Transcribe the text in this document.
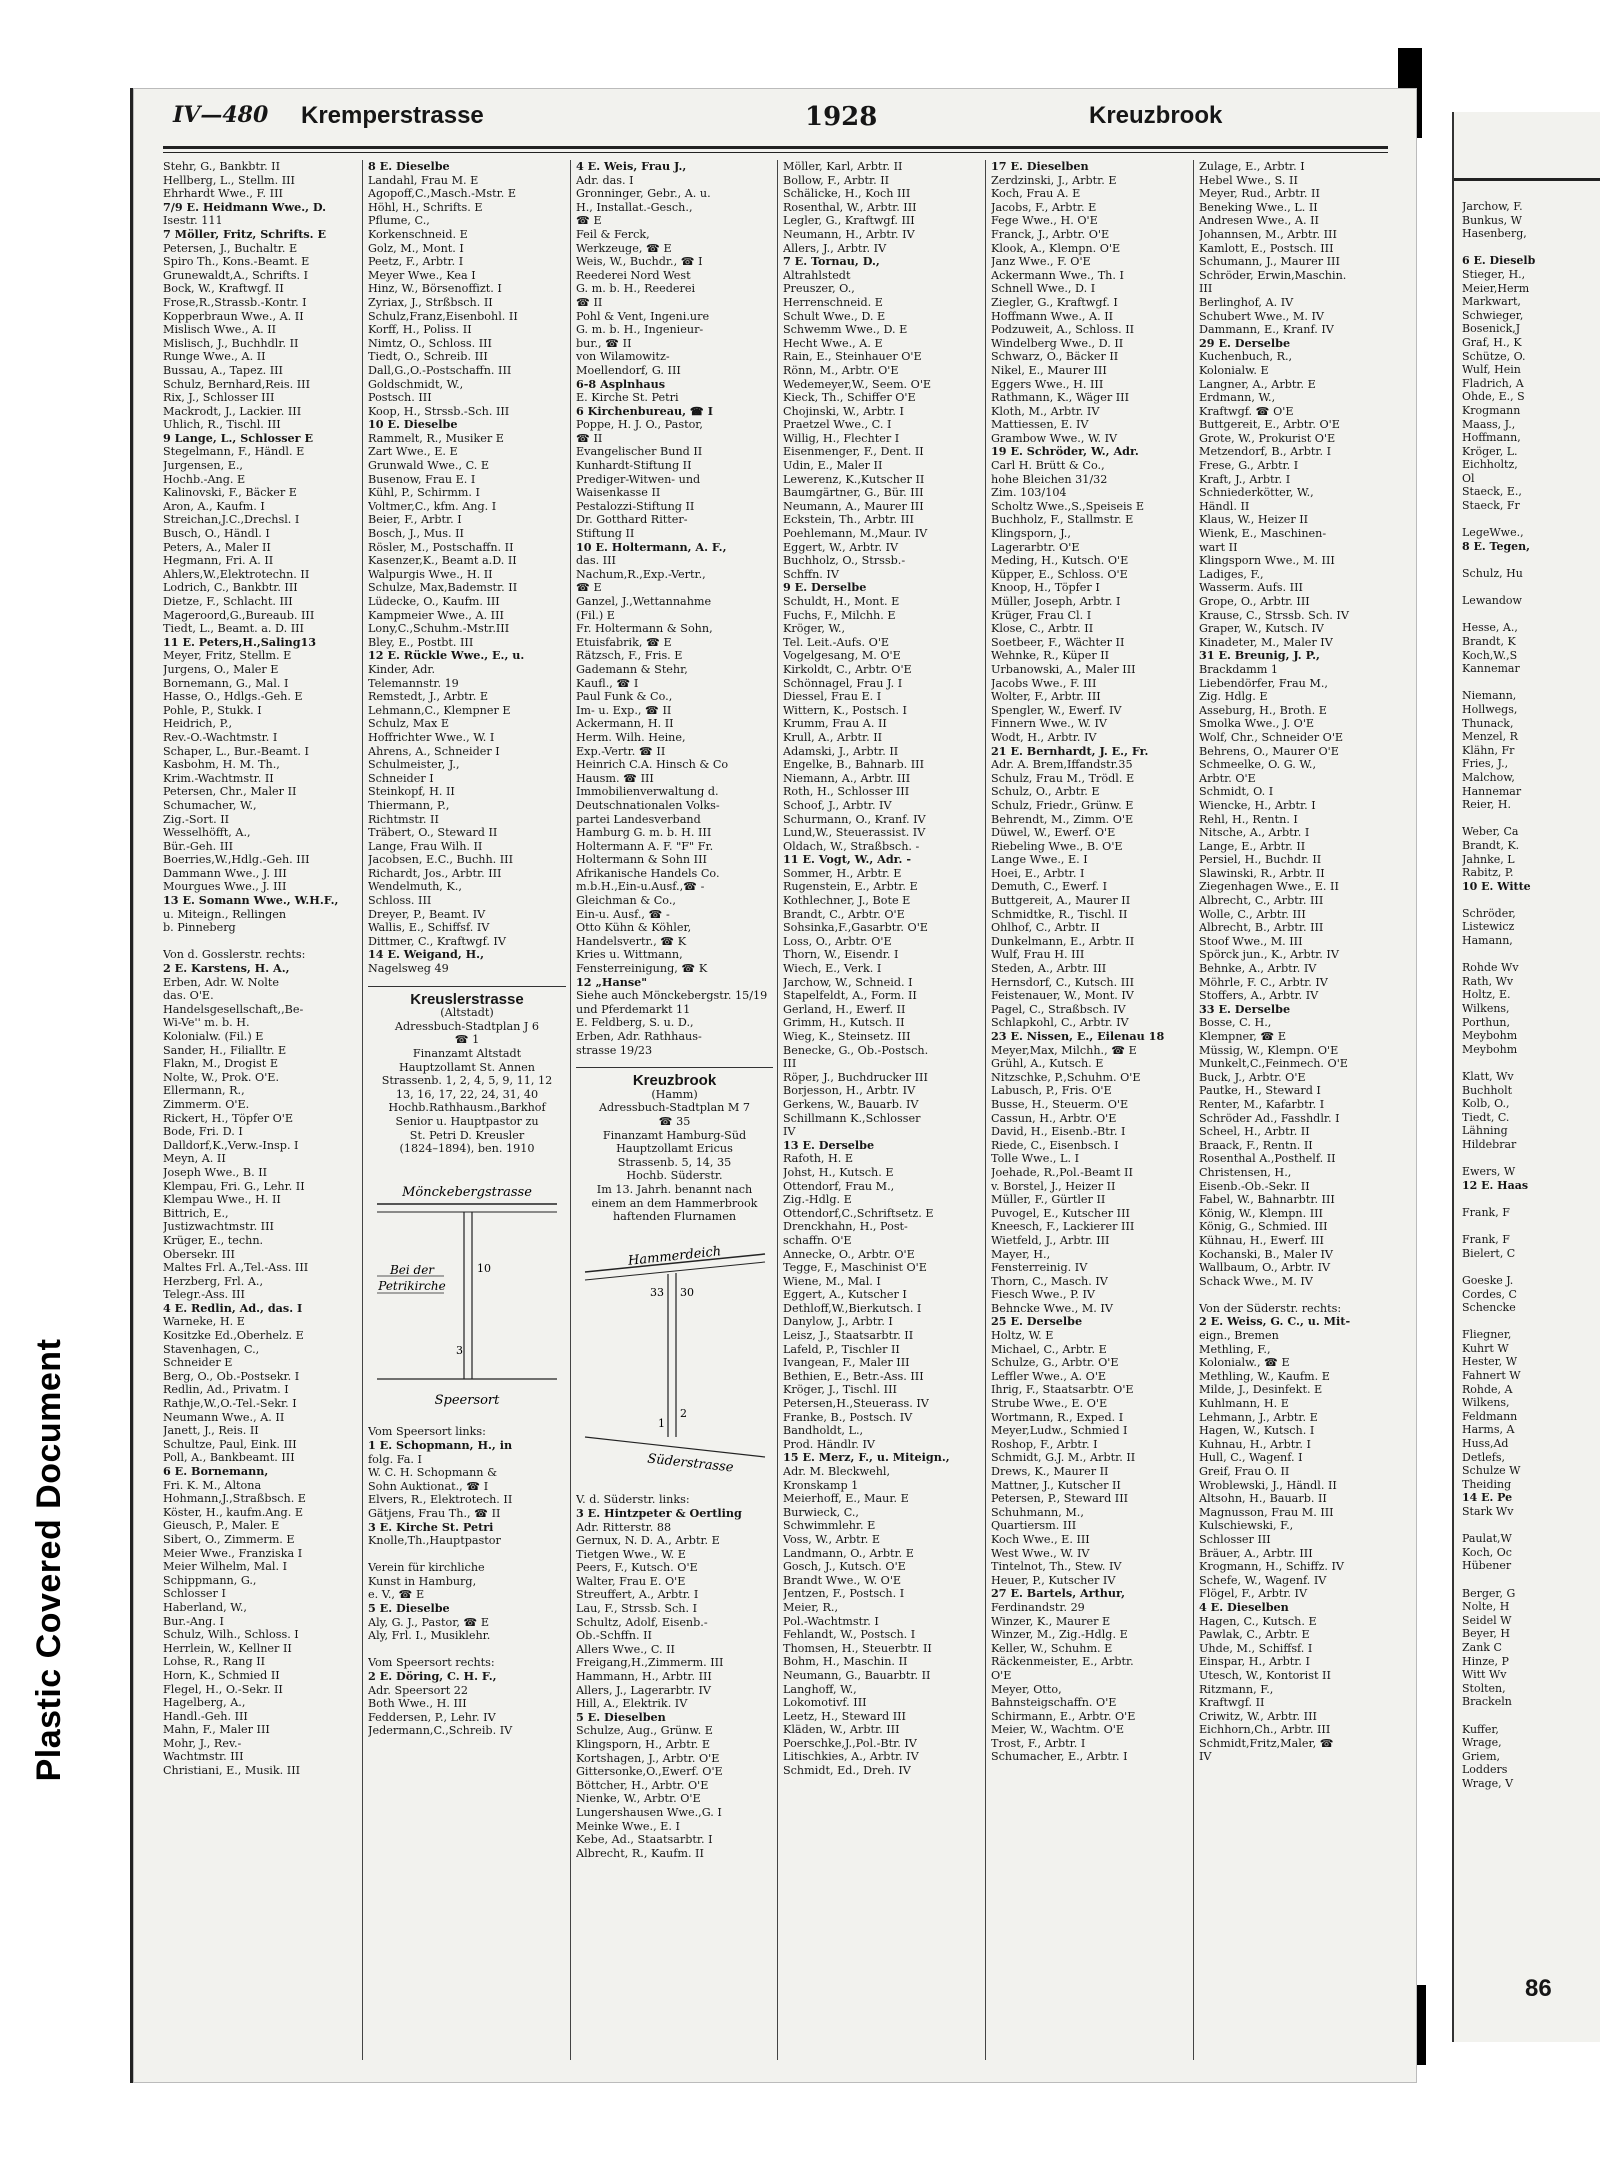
Plastic Covered Document
IV—480 Kremperstrasse	1928	Kreuzbrook
Stehr, G., Bankbtr. II
Hellberg, L., Stellm. III
Ehrhardt Wwe., F. III
7/9 E. Heidmann Wwe., D.
Isestr. 111
7 Möller, Fritz, Schrifts. E
Petersen, J., Buchaltr. E
Spiro Th., Kons.-Beamt. E
Grunewaldt,A., Schrifts. I
Bock, W., Kraftwgf. II
Frose,R.,Strassb.-Kontr. I
Kopperbraun Wwe., A. II
Mislisch Wwe., A. II
Mislisch, J., Buchhdlr. II
Runge Wwe., A. II
Bussau, A., Tapez. III
Schulz, Bernhard,Reis. III
Rix, J., Schlosser III
Mackrodt, J., Lackier. III
Uhlich, R., Tischl. III
9 Lange, L., Schlosser E
Stegelmann, F., Händl. E
Jurgensen, E.,
Hochb.-Ang. E
Kalinovski, F., Bäcker E
Aron, A., Kaufm. I
Streichan,J.C.,Drechsl. I
Busch, O., Händl. I
Peters, A., Maler II
Hegmann, Fri. A. II
Ahlers,W.,Elektrotechn. II
Lodrich, C., Bankbtr. III
Dietze, F., Schlacht. III
Mageroord,G.,Bureaub. III
Tiedt, L., Beamt. a. D. III
11 E. Peters,H.,Saling13
Meyer, Fritz, Stellm. E
Jurgens, O., Maler E
Bornemann, G., Mal. I
Hasse, O., Hdlgs.-Geh. E
Pohle, P., Stukk. I
Heidrich, P.,
Rev.-O.-Wachtmstr. I
Schaper, L., Bur.-Beamt. I
Kasbohm, H. M. Th.,
Krim.-Wachtmstr. II
Petersen, Chr., Maler II
Schumacher, W.,
Zig.-Sort. II
Wesselhöfft, A.,
Bür.-Geh. III
Boerries,W.,Hdlg.-Geh. III
Dammann Wwe., J. III
Mourgues Wwe., J. III
13 E. Somann Wwe., W.H.F.,
u. Miteign., Rellingen
b. Pinneberg

Von d. Gosslerstr. rechts:
2 E. Karstens, H. A.,
Erben, Adr. W. Nolte
das. O'E.
Handelsgesellschaft,,Be-
Wi-Ve'' m. b. H.
Kolonialw. (Fil.) E
Sander, H., Filialltr. E
Flakn, M., Drogist E
Nolte, W., Prok. O'E.
Ellermann, R.,
Zimmerm. O'E.
Rickert, H., Töpfer O'E
Bode, Fri. D. I
Dalldorf,K.,Verw.-Insp. I
Meyn, A. II
Joseph Wwe., B. II
Klempau, Fri. G., Lehr. II
Klempau Wwe., H. II
Bittrich, E.,
Justizwachtmstr. III
Krüger, E., techn.
Obersekr. III
Maltes Frl. A.,Tel.-Ass. III
Herzberg, Frl. A.,
Telegr.-Ass. III
4 E. Redlin, Ad., das. I
Warneke, H. E
Kositzke Ed.,Oberhelz. E
Stavenhagen, C.,
Schneider E
Berg, O., Ob.-Postsekr. I
Redlin, Ad., Privatm. I
Rathje,W.,O.-Tel.-Sekr. I
Neumann Wwe., A. II
Janett, J., Reis. II
Schultze, Paul, Eink. III
Poll, A., Bankbeamt. III
6 E. Bornemann,
Fri. K. M., Altona
Hohmann,J.,Straßbsch. E
Köster, H., kaufm.Ang. E
Gieusch, P., Maler. E
Sibert, O., Zimmerm. E
Meier Wwe., Franziska I
Meier Wilhelm, Mal. I
Schippmann, G.,
Schlosser I
Haberland, W.,
Bur.-Ang. I
Schulz, Wilh., Schloss. I
Herrlein, W., Kellner II
Lohse, R., Rang II
Horn, K., Schmied II
Flegel, H., O.-Sekr. II
Hagelberg, A.,
Handl.-Geh. III
Mahn, F., Maler III
Mohr, J., Rev.-
Wachtmstr. III
Christiani, E., Musik. III
8 E. Dieselbe
Landahl, Frau M. E
Agopoff,C.,Masch.-Mstr. E
Höhl, H., Schrifts. E
Pflume, C.,
Korkenschneid. E
Golz, M., Mont. I
Peetz, F., Arbtr. I
Meyer Wwe., Kea I
Hinz, W., Börsenoffizt. I
Zyriax, J., Strßbsch. II
Schulz,Franz,Eisenbohl. II
Korff, H., Poliss. II
Nimtz, O., Schloss. III
Tiedt, O., Schreib. III
Dall,G.,O.-Postschaffn. III
Goldschmidt, W.,
Postsch. III
Koop, H., Strssb.-Sch. III
10 E. Dieselbe
Rammelt, R., Musiker E
Zart Wwe., E. E
Grunwald Wwe., C. E
Busenow, Frau E. I
Kühl, P., Schirmm. I
Voltmer,C., kfm. Ang. I
Beier, F., Arbtr. I
Bosch, J., Mus. II
Rösler, M., Postschaffn. II
Kasenzer,K., Beamt a.D. II
Walpurgis Wwe., H. II
Schulze, Max,Bademstr. II
Lüdecke, O., Kaufm. III
Kampmeier Wwe., A. III
Lony,C.,Schuhm.-Mstr.III
Bley, E., Postbt. III
12 E. Rückle Wwe., E., u.
Kinder, Adr.
Telemannstr. 19
Remstedt, J., Arbtr. E
Lehmann,C., Klempner E
Schulz, Max E
Hoffrichter Wwe., W. I
Ahrens, A., Schneider I
Schulmeister, J.,
Schneider I
Steinkopf, H. II
Thiermann, P.,
Richtmstr. II
Träbert, O., Steward II
Lange, Frau Wilh. II
Jacobsen, E.C., Buchh. III
Richardt, Jos., Arbtr. III
Wendelmuth, K.,
Schloss. III
Dreyer, P., Beamt. IV
Wallis, E., Schiffsf. IV
Dittmer, C., Kraftwgf. IV
14 E. Weigand, H.,
Nagelsweg 49
Kreuslerstrasse
(Altstadt)
Adressbuch-Stadtplan J 6
☎ 1
Finanzamt Altstadt
Hauptzollamt St. Annen
Strassenb. 1, 2, 4, 5, 9, 11, 12
13, 16, 17, 22, 24, 31, 40
Hochb.Rathhausm.,Barkhof
Senior u. Hauptpastor zu
St. Petri D. Kreusler
(1824–1894), ben. 1910
Mönckebergstrasse
Bei der
Petrikirche
10
3
Speersort
Vom Speersort links:
1 E. Schopmann, H., in
folg. Fa. I
W. C. H. Schopmann &
Sohn Auktionat., ☎ I
Elvers, R., Elektrotech. II
Gätjens, Frau Th., ☎ II
3 E. Kirche St. Petri
Knolle,Th.,Hauptpastor

Verein für kirchliche
Kunst in Hamburg,
e. V., ☎ E
5 E. Dieselbe
Aly, G. J., Pastor, ☎ E
Aly, Frl. I., Musiklehr.

Vom Speersort rechts:
2 E. Döring, C. H. F.,
Adr. Speersort 22
Both Wwe., H. III
Feddersen, P., Lehr. IV
Jedermann,C.,Schreib. IV
4 E. Weis, Frau J.,
Adr. das. I
Gronninger, Gebr., A. u.
H., Installat.-Gesch.,
☎ E
Feil & Ferck,
Werkzeuge, ☎ E
Weis, W., Buchdr., ☎ I
Reederei Nord West
G. m. b. H., Reederei
☎ II
Pohl & Vent, Ingeni.ure
G. m. b. H., Ingenieur-
bur., ☎ II
von Wilamowitz-
Moellendorf, G. III
6-8 Asplnhaus
E. Kirche St. Petri
6 Kirchenbureau, ☎ I
Poppe, H. J. O., Pastor,
☎ II
Evangelischer Bund II
Kunhardt-Stiftung II
Prediger-Witwen- und
Waisenkasse II
Pestalozzi-Stiftung II
Dr. Gotthard Ritter-
Stiftung II
10 E. Holtermann, A. F.,
das. III
Nachum,R.,Exp.-Vertr.,
☎ E
Ganzel, J.,Wettannahme
(Fil.) E
Fr. Holtermann & Sohn,
Etuisfabrik, ☎ E
Rätzsch, F., Fris. E
Gademann & Stehr,
Kaufl., ☎ I
Paul Funk & Co.,
Im- u. Exp., ☎ II
Ackermann, H. II
Herm. Wilh. Heine,
Exp.-Vertr. ☎ II
Heinrich C.A. Hinsch & Co
Hausm. ☎ III
Immobilienverwaltung d.
Deutschnationalen Volks-
partei Landesverband
Hamburg G. m. b. H. III
Holtermann A. F. "F" Fr.
Holtermann & Sohn III
Afrikanische Handels Co.
m.b.H.,Ein-u.Ausf.,☎ -
Gleichman & Co.,
Ein-u. Ausf., ☎ -
Otto Kühn & Köhler,
Handelsvertr., ☎ K
Kries u. Wittmann,
Fensterreinigung, ☎ K
12 „Hanse"
Siehe auch Mönckebergstr. 15/19
und Pferdemarkt 11
E. Feldberg, S. u. D.,
Erben, Adr. Rathhaus-
strasse 19/23
Kreuzbrook
(Hamm)
Adressbuch-Stadtplan M 7
☎ 35
Finanzamt Hamburg-Süd
Hauptzollamt Ericus
Strassenb. 5, 14, 35
Hochb. Süderstr.
Im 13. Jahrh. benannt nach
einem an dem Hammerbrook
haftenden Flurnamen
Hammerdeich
33 30
2
1
Süderstrasse
V. d. Süderstr. links:
3 E. Hintzpeter & Oertling
Adr. Ritterstr. 88
Gernux, N. D. A., Arbtr. E
Tietgen Wwe., W. E
Peers, F., Kutsch. O'E
Walter, Frau E. O'E
Streuffert, A., Arbtr. I
Lau, F., Strssb. Sch. I
Schultz, Adolf, Eisenb.-
Ob.-Schffn. II
Allers Wwe., C. II
Freigang,H.,Zimmerm. III
Hammann, H., Arbtr. III
Allers, J., Lagerarbtr. IV
Hill, A., Elektrik. IV
5 E. Dieselben
Schulze, Aug., Grünw. E
Klingsporn, H., Arbtr. E
Kortshagen, J., Arbtr. O'E
Gittersonke,O.,Ewerf. O'E
Böttcher, H., Arbtr. O'E
Nienke, W., Arbtr. O'E
Lungershausen Wwe.,G. I
Meinke Wwe., E. I
Kebe, Ad., Staatsarbtr. I
Albrecht, R., Kaufm. II
Möller, Karl, Arbtr. II
Bollow, F., Arbtr. II
Schälicke, H., Koch III
Rosenthal, W., Arbtr. III
Legler, G., Kraftwgf. III
Neumann, H., Arbtr. IV
Allers, J., Arbtr. IV
7 E. Tornau, D.,
Altrahlstedt
Preuszer, O.,
Herrenschneid. E
Schult Wwe., D. E
Schwemm Wwe., D. E
Hecht Wwe., A. E
Rain, E., Steinhauer O'E
Rönn, M., Arbtr. O'E
Wedemeyer,W., Seem. O'E
Kieck, Th., Schiffer O'E
Chojinski, W., Arbtr. I
Praetzel Wwe., C. I
Willig, H., Flechter I
Eisenmenger, F., Dent. II
Udin, E., Maler II
Lewerenz, K.,Kutscher II
Baumgärtner, G., Bür. III
Neumann, A., Maurer III
Eckstein, Th., Arbtr. III
Poehlemann, M.,Maur. IV
Eggert, W., Arbtr. IV
Buchholz, O., Strssb.-
Schffn. IV
9 E. Derselbe
Schuldt, H., Mont. E
Fuchs, F., Milchh. E
Kröger, W.,
Tel. Leit.-Aufs. O'E
Vogelgesang, M. O'E
Kirkoldt, C., Arbtr. O'E
Schönnagel, Frau J. I
Diessel, Frau E. I
Wittern, K., Postsch. I
Krumm, Frau A. II
Krull, A., Arbtr. II
Adamski, J., Arbtr. II
Engelke, B., Bahnarb. III
Niemann, A., Arbtr. III
Roth, H., Schlosser III
Schoof, J., Arbtr. IV
Schurmann, O., Kranf. IV
Lund,W., Steuerassist. IV
Oldach, W., Straßbsch. -
11 E. Vogt, W., Adr. -
Sommer, H., Arbtr. E
Rugenstein, E., Arbtr. E
Kothlechner, J., Bote E
Brandt, C., Arbtr. O'E
Sohsinka,F.,Gasarbtr. O'E
Loss, O., Arbtr. O'E
Thorn, W., Eisendr. I
Wiech, E., Verk. I
Jarchow, W., Schneid. I
Stapelfeldt, A., Form. II
Gerland, H., Ewerf. II
Grimm, H., Kutsch. II
Wieg, K., Steinsetz. III
Benecke, G., Ob.-Postsch.
III
Röper, J., Buchdrucker III
Borjesson, H., Arbtr. IV
Gerkens, W., Bauarb. IV
Schillmann K.,Schlosser
IV
13 E. Derselbe
Rafoth, H. E
Johst, H., Kutsch. E
Ottendorf, Frau M.,
Zig.-Hdlg. E
Ottendorf,C.,Schriftsetz. E
Drenckhahn, H., Post-
schaffn. O'E
Annecke, O., Arbtr. O'E
Tegge, F., Maschinist O'E
Wiene, M., Mal. I
Eggert, A., Kutscher I
Dethloff,W.,Bierkutsch. I
Danylow, J., Arbtr. I
Leisz, J., Staatsarbtr. II
Lafeld, P., Tischler II
Ivangean, F., Maler III
Bethien, E., Betr.-Ass. III
Kröger, J., Tischl. III
Petersen,H.,Steuerass. IV
Franke, B., Postsch. IV
Bandholdt, L.,
Prod. Händlr. IV
15 E. Merz, F., u. Miteign.,
Adr. M. Bleckwehl,
Kronskamp 1
Meierhoff, E., Maur. E
Burwieck, C.,
Schwimmlehr. E
Voss, W., Arbtr. E
Landmann, O., Arbtr. E
Gosch, J., Kutsch. O'E
Brandt Wwe., W. O'E
Jentzen, F., Postsch. I
Meier, R.,
Pol.-Wachtmstr. I
Fehlandt, W., Postsch. I
Thomsen, H., Steuerbtr. II
Bohm, H., Maschin. II
Neumann, G., Bauarbtr. II
Langhoff, W.,
Lokomotivf. III
Leetz, H., Steward III
Kläden, W., Arbtr. III
Poerschke,J.,Pol.-Btr. IV
Litischkies, A., Arbtr. IV
Schmidt, Ed., Dreh. IV
17 E. Dieselben
Zerdzinski, J., Arbtr. E
Koch, Frau A. E
Jacobs, F., Arbtr. E
Fege Wwe., H. O'E
Franck, J., Arbtr. O'E
Klook, A., Klempn. O'E
Janz Wwe., F. O'E
Ackermann Wwe., Th. I
Schnell Wwe., D. I
Ziegler, G., Kraftwgf. I
Hoffmann Wwe., A. II
Podzuweit, A., Schloss. II
Windelberg Wwe., D. II
Schwarz, O., Bäcker II
Nikel, E., Maurer III
Eggers Wwe., H. III
Rathmann, K., Wäger III
Kloth, M., Arbtr. IV
Mattiessen, E. IV
Grambow Wwe., W. IV
19 E. Schröder, W., Adr.
Carl H. Brütt & Co.,
hohe Bleichen 31/32
Zim. 103/104
Scholtz Wwe.,S.,Speiseis E
Buchholz, F., Stallmstr. E
Klingsporn, J.,
Lagerarbtr. O'E
Meding, H., Kutsch. O'E
Küpper, E., Schloss. O'E
Knoop, H., Töpfer I
Müller, Joseph, Arbtr. I
Krüger, Frau Cl. I
Klose, C., Arbtr. II
Soetbeer, F., Wächter II
Wehnke, R., Küper II
Urbanowski, A., Maler III
Jacobs Wwe., F. III
Wolter, F., Arbtr. III
Spengler, W., Ewerf. IV
Finnern Wwe., W. IV
Wodt, H., Arbtr. IV
21 E. Bernhardt, J. E., Fr.
Adr. A. Brem,Iffandstr.35
Schulz, Frau M., Trödl. E
Schulz, O., Arbtr. E
Schulz, Friedr., Grünw. E
Behrendt, M., Zimm. O'E
Düwel, W., Ewerf. O'E
Riebeling Wwe., B. O'E
Lange Wwe., E. I
Hoei, E., Arbtr. I
Demuth, C., Ewerf. I
Buttgereit, A., Maurer II
Schmidtke, R., Tischl. II
Ohlhof, C., Arbtr. II
Dunkelmann, E., Arbtr. II
Wulf, Frau H. III
Steden, A., Arbtr. III
Hernsdorf, C., Kutsch. III
Feistenauer, W., Mont. IV
Pagel, C., Straßbsch. IV
Schlapkohl, C., Arbtr. IV
23 E. Nissen, E., Eilenau 18
Meyer,Max, Milchh., ☎ E
Grühl, A., Kutsch. E
Nitzschke, P.,Schuhm. O'E
Labusch, P., Fris. O'E
Busse, H., Steuerm. O'E
Cassun, H., Arbtr. O'E
David, H., Eisenb.-Btr. I
Riede, C., Eisenbsch. I
Tolle Wwe., L. I
Joehade, R.,Pol.-Beamt II
v. Borstel, J., Heizer II
Müller, F., Gürtler II
Puvogel, E., Kutscher III
Kneesch, F., Lackierer III
Wietfeld, J., Arbtr. III
Mayer, H.,
Fensterreinig. IV
Thorn, C., Masch. IV
Fiesch Wwe., P. IV
Behncke Wwe., M. IV
25 E. Derselbe
Holtz, W. E
Michael, C., Arbtr. E
Schulze, G., Arbtr. O'E
Leffler Wwe., A. O'E
Ihrig, F., Staatsarbtr. O'E
Strube Wwe., E. O'E
Wortmann, R., Exped. I
Meyer,Ludw., Schmied I
Roshop, F., Arbtr. I
Schmidt, G.J. M., Arbtr. II
Drews, K., Maurer II
Mattner, J., Kutscher II
Petersen, P., Steward III
Schuhmann, M.,
Quartiersm. III
Koch Wwe., E. III
West Wwe., W. IV
Tintelnot, Th., Stew. IV
Heuer, P., Kutscher IV
27 E. Bartels, Arthur,
Ferdinandstr. 29
Winzer, K., Maurer E
Winzer, M., Zig.-Hdlg. E
Keller, W., Schuhm. E
Räckenmeister, E., Arbtr.
O'E
Meyer, Otto,
Bahnsteigschaffn. O'E
Schirmann, E., Arbtr. O'E
Meier, W., Wachtm. O'E
Trost, F., Arbtr. I
Schumacher, E., Arbtr. I
Zulage, E., Arbtr. I
Hebel Wwe., S. II
Meyer, Rud., Arbtr. II
Beneking Wwe., L. II
Andresen Wwe., A. II
Johannsen, M., Arbtr. III
Kamlott, E., Postsch. III
Schumann, J., Maurer III
Schröder, Erwin,Maschin.
III
Berlinghof, A. IV
Schubert Wwe., M. IV
Dammann, E., Kranf. IV
29 E. Derselbe
Kuchenbuch, R.,
Kolonialw. E
Langner, A., Arbtr. E
Erdmann, W.,
Kraftwgf. ☎ O'E
Buttgereit, E., Arbtr. O'E
Grote, W., Prokurist O'E
Metzendorf, B., Arbtr. I
Frese, G., Arbtr. I
Kraft, J., Arbtr. I
Schniederkötter, W.,
Händl. II
Klaus, W., Heizer II
Wienk, E., Maschinen-
wart II
Klingsporn Wwe., M. III
Ladiges, F.,
Wasserm. Aufs. III
Grope, O., Arbtr. III
Krause, C., Strssb. Sch. IV
Graper, W., Kutsch. IV
Kinadeter, M., Maler IV
31 E. Breunig, J. P.,
Brackdamm 1
Liebendörfer, Frau M.,
Zig. Hdlg. E
Asseburg, H., Broth. E
Smolka Wwe., J. O'E
Wolf, Chr., Schneider O'E
Behrens, O., Maurer O'E
Schmeelke, O. G. W.,
Arbtr. O'E
Schmidt, O. I
Wiencke, H., Arbtr. I
Rehl, H., Rentn. I
Nitsche, A., Arbtr. I
Lange, E., Arbtr. II
Persiel, H., Buchdr. II
Slawinski, R., Arbtr. II
Ziegenhagen Wwe., E. II
Albrecht, C., Arbtr. III
Wolle, C., Arbtr. III
Albrecht, B., Arbtr. III
Stoof Wwe., M. III
Spörck jun., K., Arbtr. IV
Behnke, A., Arbtr. IV
Möhrle, F. C., Arbtr. IV
Stoffers, A., Arbtr. IV
33 E. Derselbe
Bosse, C. H.,
Klempner, ☎ E
Müssig, W., Klempn. O'E
Munkelt,C.,Feinmech. O'E
Buck, J., Arbtr. O'E
Pautke, H., Steward I
Renter, M., Kafarbtr. I
Schröder Ad., Fasshdlr. I
Scheel, H., Arbtr. II
Braack, F., Rentn. II
Rosenthal A.,Posthelf. II
Christensen, H.,
Eisenb.-Ob.-Sekr. II
Fabel, W., Bahnarbtr. III
König, W., Klempn. III
König, G., Schmied. III
Kühnau, H., Ewerf. III
Kochanski, B., Maler IV
Wallbaum, O., Arbtr. IV
Schack Wwe., M. IV

Von der Süderstr. rechts:
2 E. Weiss, G. C., u. Mit-
eign., Bremen
Methling, F.,
Kolonialw., ☎ E
Methling, W., Kaufm. E
Milde, J., Desinfekt. E
Kuhlmann, H. E
Lehmann, J., Arbtr. E
Hagen, W., Kutsch. I
Kuhnau, H., Arbtr. I
Hull, C., Wagenf. I
Greif, Frau O. II
Wroblewski, J., Händl. II
Altsohn, H., Bauarb. II
Magnusson, Frau M. III
Kulschiewski, F.,
Schlosser III
Bräuer, A., Arbtr. III
Krogmann, H., Schiffz. IV
Schefe, W., Wagenf. IV
Flögel, F., Arbtr. IV
4 E. Dieselben
Hagen, C., Kutsch. E
Pawlak, C., Arbtr. E
Uhde, M., Schiffsf. I
Einspar, H., Arbtr. I
Utesch, W., Kontorist II
Ritzmann, F.,
Kraftwgf. II
Criwitz, W., Arbtr. III
Eichhorn,Ch., Arbtr. III
Schmidt,Fritz,Maler, ☎
IV
Jarchow, F.
Bunkus, W
Hasenberg,

6 E. Dieselb
Stieger, H.,
Meier,Herm
Markwart,
Schwieger,
Bosenick,J
Graf, H., K
Schütze, O.
Wulf, Hein
Fladrich, A
Ohde, E., S
Krogmann
Maass, J.,
Hoffmann,
Kröger, L.
Eichholtz,
Ol
Staeck, E.,
Staeck, Fr

LegeWwe.,
8 E. Tegen,

Schulz, Hu

Lewandow

Hesse, A.,
Brandt, K
Koch,W.,S
Kannemar

Niemann,
Hollwegs,
Thunack,
Menzel, R
Klähn, Fr
Fries, J.,
Malchow,
Hannemar
Reier, H.

Weber, Ca
Brandt, K.
Jahnke, L
Rabitz, P.
10 E. Witte

Schröder,
Listewicz
Hamann,

Rohde Wv
Rath, Wv
Holtz, E.
Wilkens,
Porthun,
Meybohm
Meybohm

Klatt, Wv
Buchholt
Kolb, O.,
Tiedt, C.
Lähning
Hildebrar

Ewers, W
12 E. Haas

Frank, F

Frank, F
Bielert, C

Goeske J.
Cordes, C
Schencke

Fliegner,
Kuhrt W
Hester, W
Fahnert W
Rohde, A
Wilkens,
Feldmann
Harms, A
Huss,Ad
Detlefs,
Schulze W
Theiding
14 E. Pe
Stark Wv

Paulat,W
Koch, Oc
Hübener

Berger, G
Nolte, H
Seidel W
Beyer, H
Zank C
Hinze, P
Witt Wv
Stolten,
Brackeln

Kuffer,
Wrage,
Griem,
Lodders
Wrage, V
86
